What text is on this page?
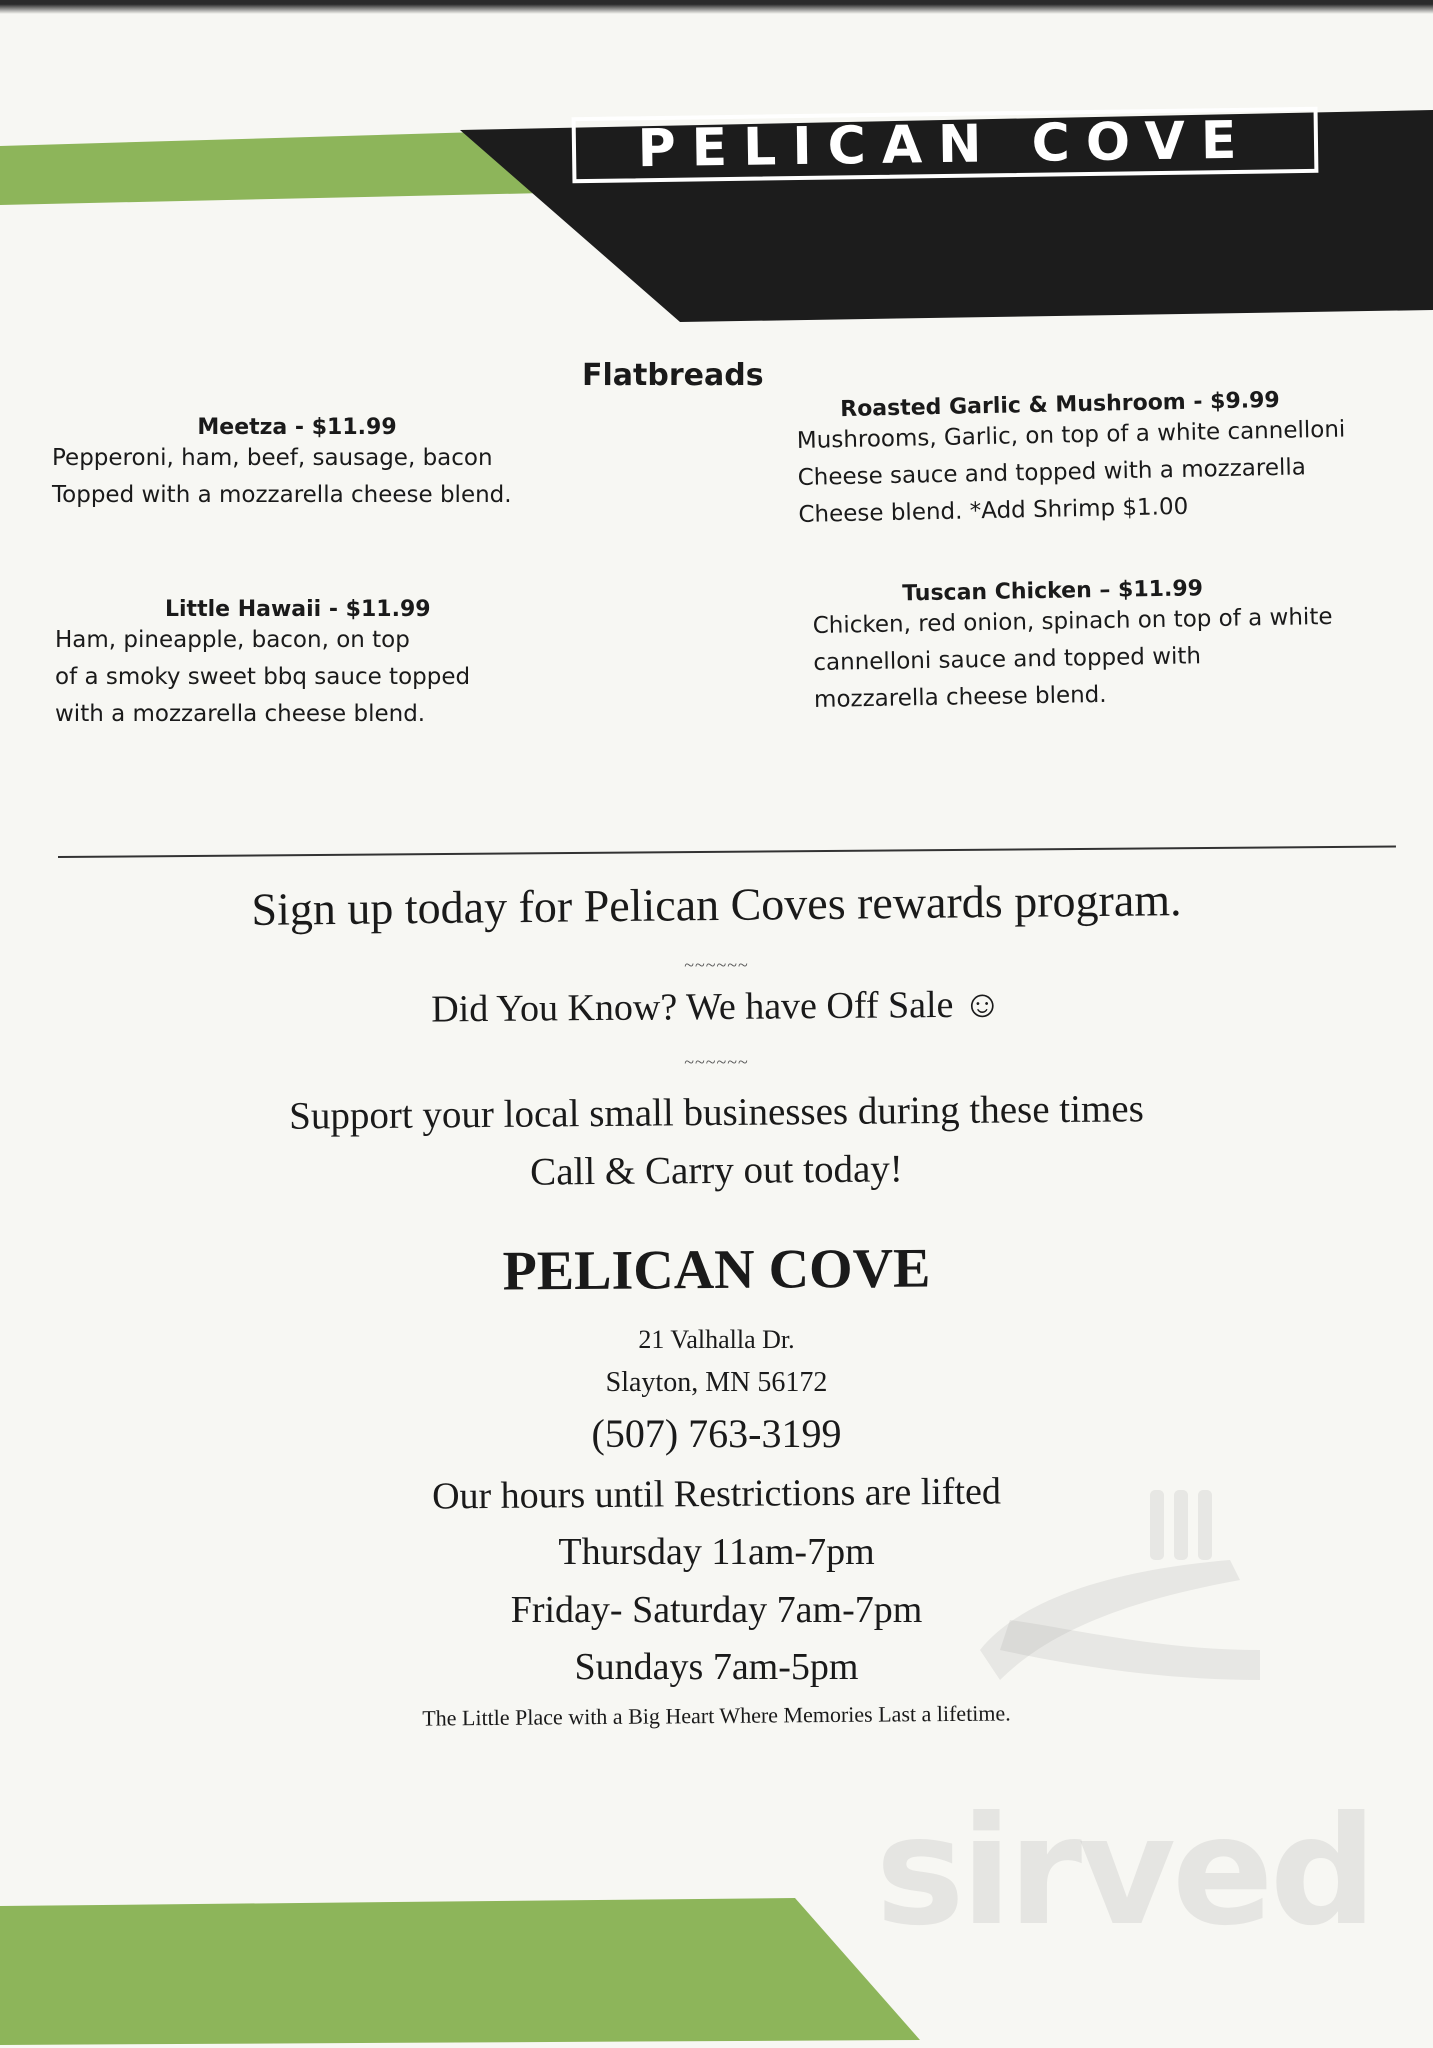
PELICAN COVE
Flatbreads
Meetza - $11.99
Pepperoni, ham, beef, sausage, bacon
Topped with a mozzarella cheese blend.
Roasted Garlic & Mushroom - $9.99
Mushrooms, Garlic, on top of a white cannelloni
Cheese sauce and topped with a mozzarella
Cheese blend. *Add Shrimp $1.00
Little Hawaii - $11.99
Ham, pineapple, bacon, on top
of a smoky sweet bbq sauce topped
with a mozzarella cheese blend.
Tuscan Chicken – $11.99
Chicken, red onion, spinach on top of a white
cannelloni sauce and topped with
mozzarella cheese blend.
Sign up today for Pelican Coves rewards program.
~~~~~~
Did You Know? We have Off Sale ☺
~~~~~~
Support your local small businesses during these times
Call & Carry out today!
PELICAN COVE
21 Valhalla Dr.
Slayton, MN 56172
(507) 763-3199
Our hours until Restrictions are lifted
Thursday 11am-7pm
Friday- Saturday 7am-7pm
Sundays 7am-5pm
The Little Place with a Big Heart Where Memories Last a lifetime.
sirved
